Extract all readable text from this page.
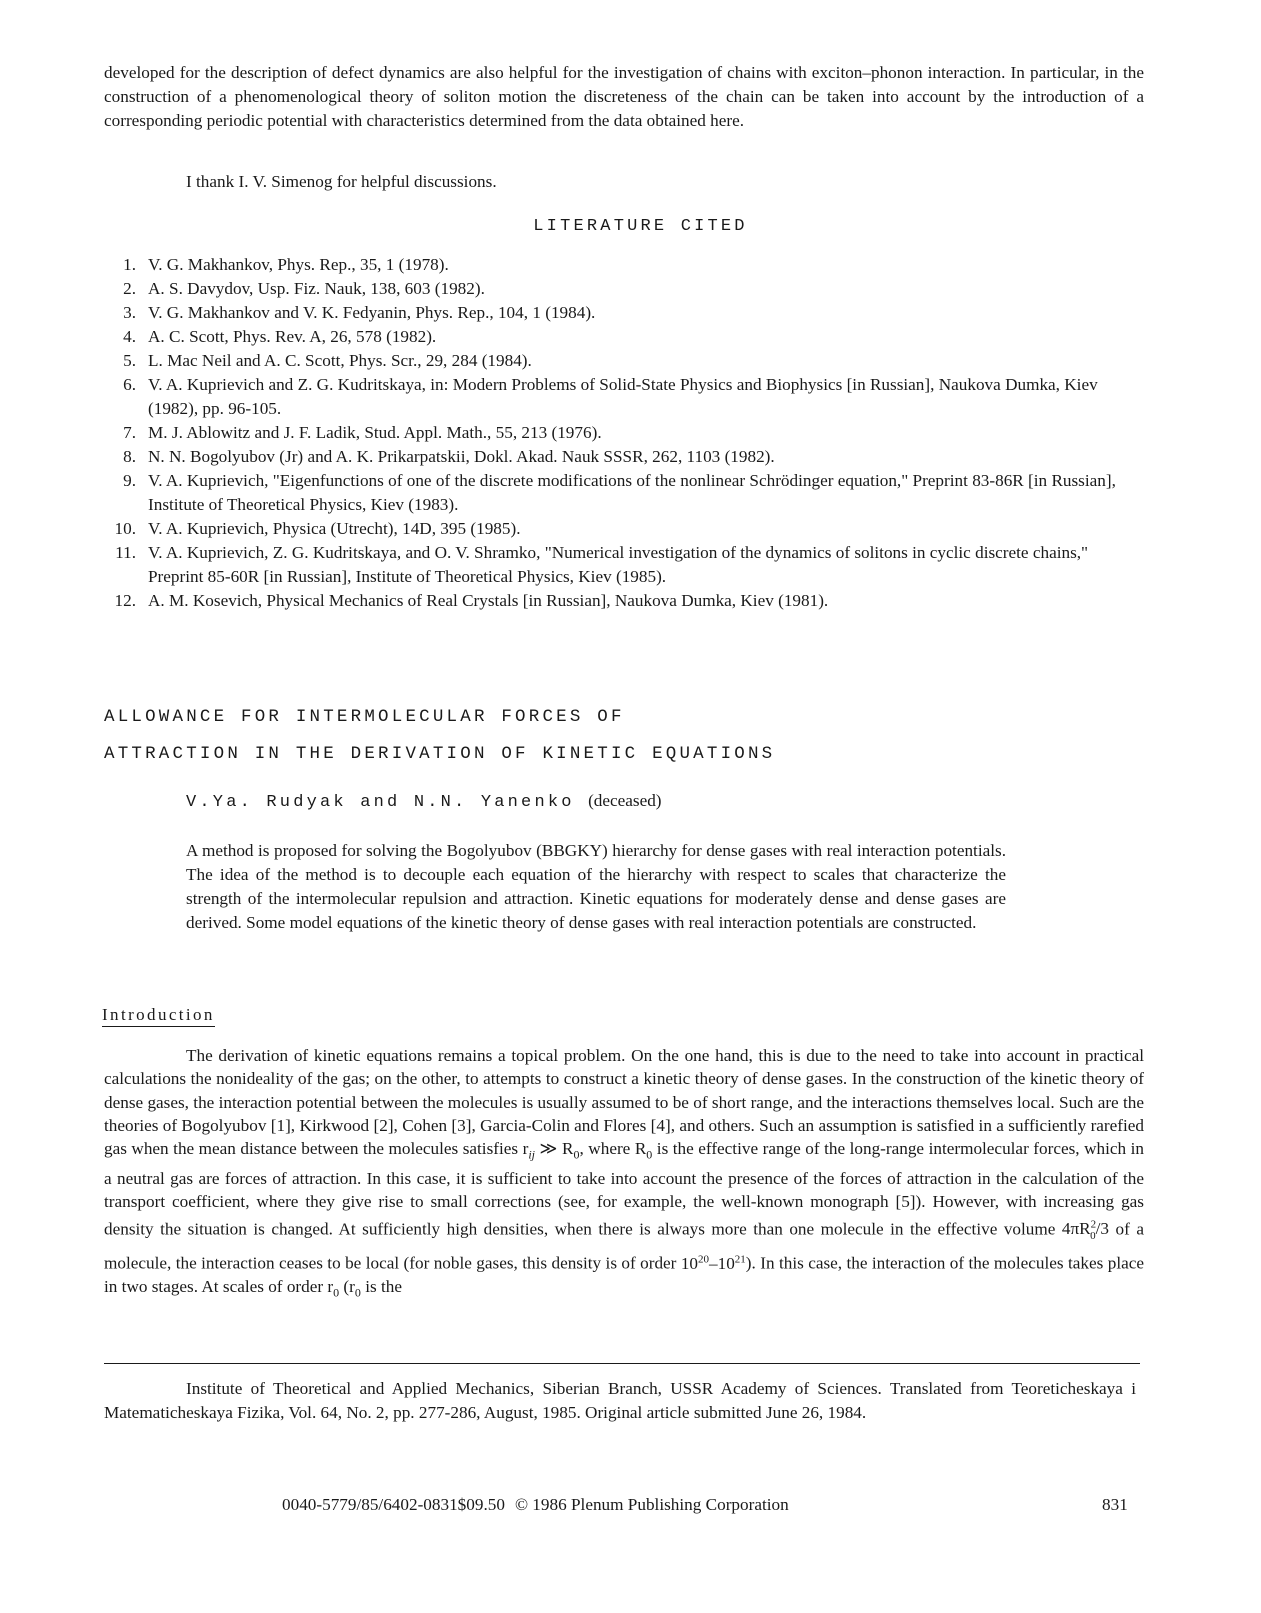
developed for the description of defect dynamics are also helpful for the investigation of chains with exciton–phonon interaction. In particular, in the construction of a phenomenological theory of soliton motion the discreteness of the chain can be taken into account by the introduction of a corresponding periodic potential with characteristics determined from the data obtained here.

I thank I. V. Simenog for helpful discussions.

LITERATURE CITED
1. V. G. Makhankov, Phys. Rep., 35, 1 (1978).
2. A. S. Davydov, Usp. Fiz. Nauk, 138, 603 (1982).
3. V. G. Makhankov and V. K. Fedyanin, Phys. Rep., 104, 1 (1984).
4. A. C. Scott, Phys. Rev. A, 26, 578 (1982).
5. L. Mac Neil and A. C. Scott, Phys. Scr., 29, 284 (1984).
6. V. A. Kuprievich and Z. G. Kudritskaya, in: Modern Problems of Solid-State Physics and Biophysics [in Russian], Naukova Dumka, Kiev (1982), pp. 96-105.
7. M. J. Ablowitz and J. F. Ladik, Stud. Appl. Math., 55, 213 (1976).
8. N. N. Bogolyubov (Jr) and A. K. Prikarpatskii, Dokl. Akad. Nauk SSSR, 262, 1103 (1982).
9. V. A. Kuprievich, "Eigenfunctions of one of the discrete modifications of the nonlinear Schrödinger equation," Preprint 83-86R [in Russian], Institute of Theoretical Physics, Kiev (1983).
10. V. A. Kuprievich, Physica (Utrecht), 14D, 395 (1985).
11. V. A. Kuprievich, Z. G. Kudritskaya, and O. V. Shramko, "Numerical investigation of the dynamics of solitons in cyclic discrete chains," Preprint 85-60R [in Russian], Institute of Theoretical Physics, Kiev (1985).
12. A. M. Kosevich, Physical Mechanics of Real Crystals [in Russian], Naukova Dumka, Kiev (1981).
ALLOWANCE FOR INTERMOLECULAR FORCES OF
ATTRACTION IN THE DERIVATION OF KINETIC EQUATIONS
V.Ya. Rudyak and N.N. Yanenko (deceased)

A method is proposed for solving the Bogolyubov (BBGKY) hierarchy for dense gases with real interaction potentials. The idea of the method is to decouple each equation of the hierarchy with respect to scales that characterize the strength of the intermolecular repulsion and attraction. Kinetic equations for moderately dense and dense gases are derived. Some model equations of the kinetic theory of dense gases with real interaction potentials are constructed.

Introduction

The derivation of kinetic equations remains a topical problem. On the one hand, this is due to the need to take into account in practical calculations the nonideality of the gas; on the other, to attempts to construct a kinetic theory of dense gases. In the construction of the kinetic theory of dense gases, the interaction potential between the molecules is usually assumed to be of short range, and the interactions themselves local. Such are the theories of Bogolyubov [1], Kirkwood [2], Cohen [3], Garcia-Colin and Flores [4], and others. Such an assumption is satisfied in a sufficiently rarefied gas when the mean distance between the molecules satisfies $r_{ij}$ ≫ $R_0$, where $R_0$ is the effective range of the long-range intermolecular forces, which in a neutral gas are forces of attraction. In this case, it is sufficient to take into account the presence of the forces of attraction in the calculation of the transport coefficient, where they give rise to small corrections (see, for example, the well-known monograph [5]). However, with increasing gas density the situation is changed. At sufficiently high densities, when there is always more than one molecule in the effective volume $4\pi R^2_0/3$ of a molecule, the interaction ceases to be local (for noble gases, this density is of order $10^{20}-10^{21}$). In this case, the interaction of the molecules takes place in two stages. At scales of order $r_0$ ($r_0$ is the

Institute of Theoretical and Applied Mechanics, Siberian Branch, USSR Academy of Sciences. Translated from Teoreticheskaya i Matematicheskaya Fizika, Vol. 64, No. 2, pp. 277-286, August, 1985. Original article submitted June 26, 1984.

0040-5779/85/6402-0831$09.50 © 1986 Plenum Publishing Corporation	831
